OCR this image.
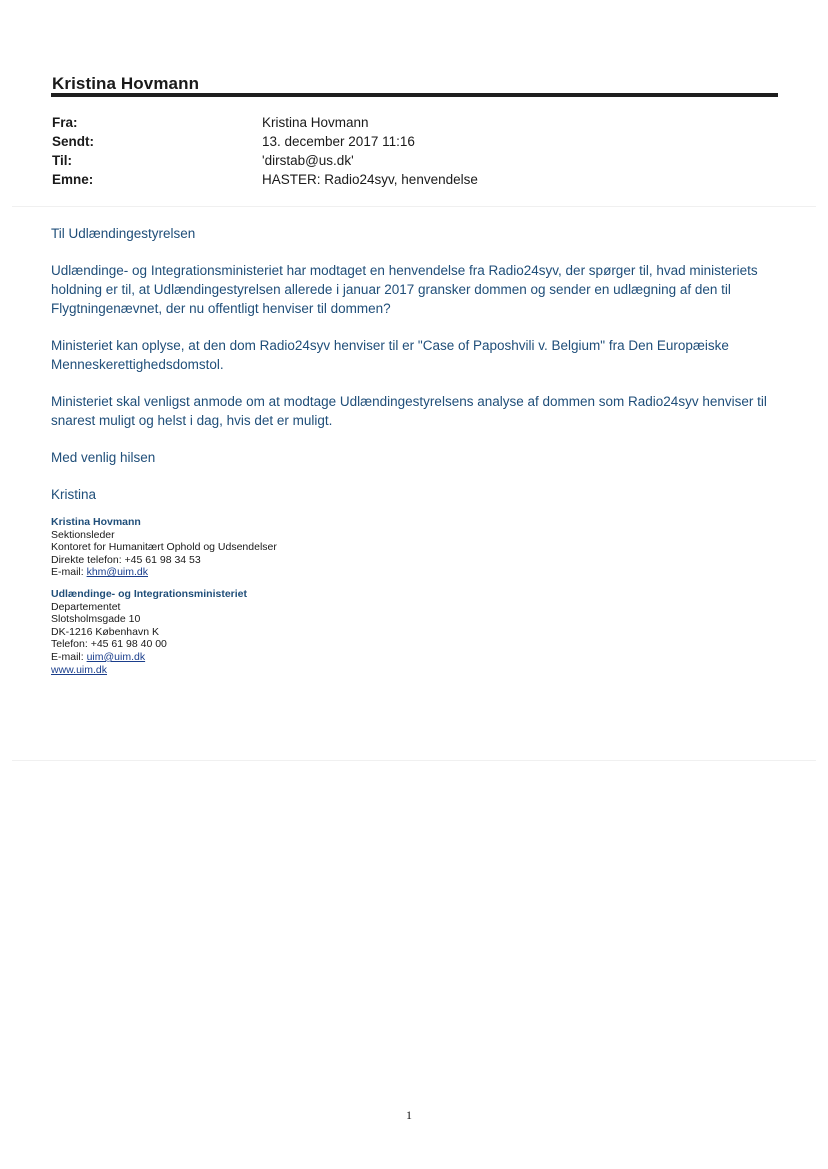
Kristina Hovmann
Fra:	Kristina Hovmann
Sendt:	13. december 2017 11:16
Til:	'dirstab@us.dk'
Emne:	HASTER: Radio24syv, henvendelse

Til Udlændingestyrelsen

Udlændinge- og Integrationsministeriet har modtaget en henvendelse fra Radio24syv, der spørger til, hvad ministeriets holdning er til, at Udlændingestyrelsen allerede i januar 2017 gransker dommen og sender en udlægning af den til Flygtningenævnet, der nu offentligt henviser til dommen?

Ministeriet kan oplyse, at den dom Radio24syv henviser til er "Case of Paposhvili v. Belgium" fra Den Europæiske Menneskerettighedsdomstol.

Ministeriet skal venligst anmode om at modtage Udlændingestyrelsens analyse af dommen som Radio24syv henviser til snarest muligt og helst i dag, hvis det er muligt.

Med venlig hilsen

Kristina

Kristina Hovmann
Sektionsleder
Kontoret for Humanitært Ophold og Udsendelser
Direkte telefon: +45 61 98 34 53
E-mail: khm@uim.dk
Udlændinge- og Integrationsministeriet
Departementet
Slotsholmsgade 10
DK-1216 København K
Telefon: +45 61 98 40 00
E-mail: uim@uim.dk
www.uim.dk
1
